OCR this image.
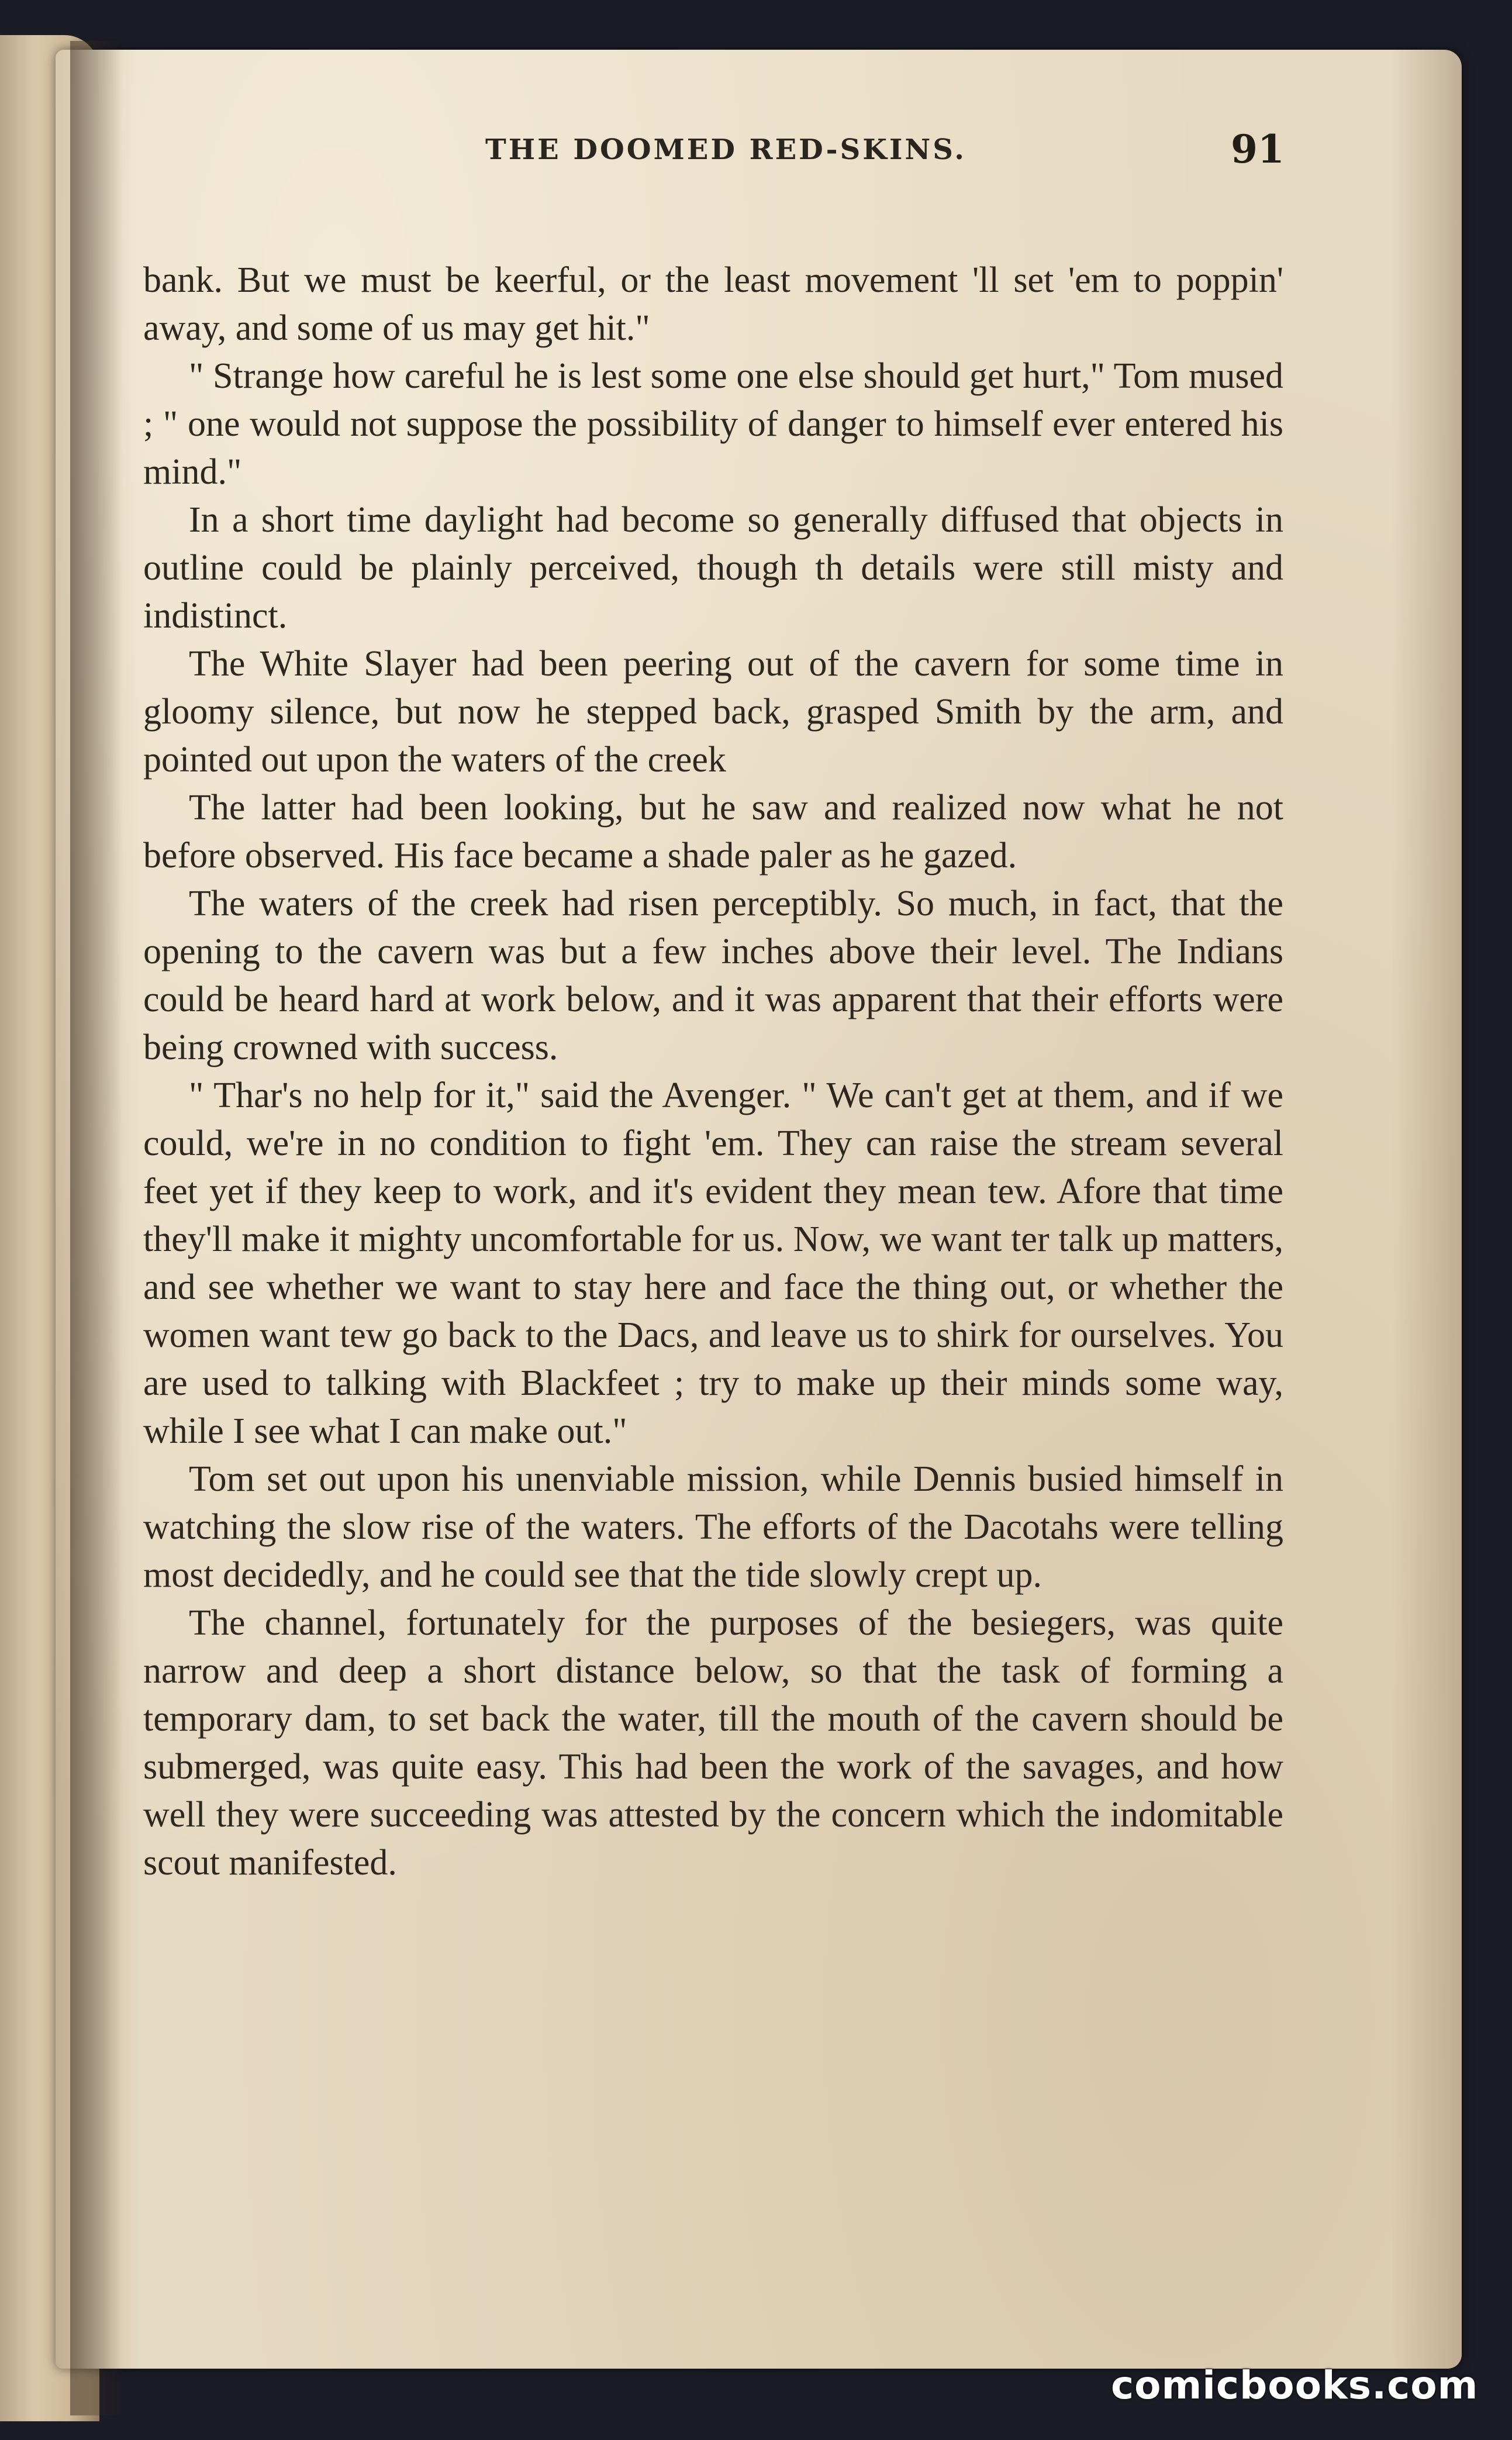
THE DOOMED RED-SKINS.	91

bank. But we must be keerful, or the least movement 'll set 'em to poppin' away, and some of us may get hit."

" Strange how careful he is lest some one else should get hurt," Tom mused ; " one would not suppose the possibility of danger to himself ever entered his mind."

In a short time daylight had become so generally diffused that objects in outline could be plainly perceived, though th details were still misty and indistinct.

The White Slayer had been peering out of the cavern for some time in gloomy silence, but now he stepped back, grasped Smith by the arm, and pointed out upon the waters of the creek

The latter had been looking, but he saw and realized now what he not before observed. His face became a shade paler as he gazed.

The waters of the creek had risen perceptibly. So much, in fact, that the opening to the cavern was but a few inches above their level. The Indians could be heard hard at work below, and it was apparent that their efforts were being crowned with success.

" Thar's no help for it," said the Avenger. " We can't get at them, and if we could, we're in no condition to fight 'em. They can raise the stream several feet yet if they keep to work, and it's evident they mean tew. Afore that time they'll make it mighty uncomfortable for us. Now, we want ter talk up matters, and see whether we want to stay here and face the thing out, or whether the women want tew go back to the Dacs, and leave us to shirk for ourselves. You are used to talking with Blackfeet ; try to make up their minds some way, while I see what I can make out."

Tom set out upon his unenviable mission, while Dennis busied himself in watching the slow rise of the waters. The efforts of the Dacotahs were telling most decidedly, and he could see that the tide slowly crept up.

The channel, fortunately for the purposes of the besiegers, was quite narrow and deep a short distance below, so that the task of forming a temporary dam, to set back the water, till the mouth of the cavern should be submerged, was quite easy. This had been the work of the savages, and how well they were succeeding was attested by the concern which the indomitable scout manifested.

comicbooks.com
